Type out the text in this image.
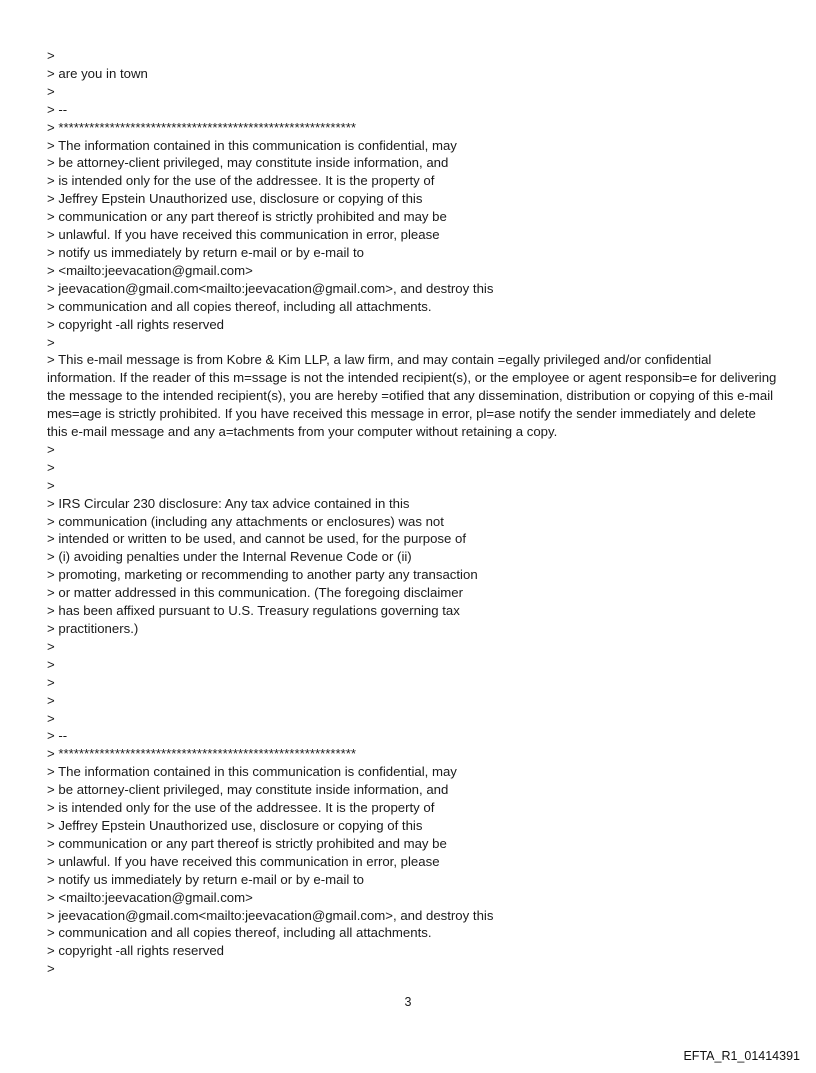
>
> are you in town
>
> --
> **********************************************************
> The information contained in this communication is confidential, may
> be attorney-client privileged, may constitute inside information, and
> is intended only for the use of the addressee. It is the property of
> Jeffrey Epstein Unauthorized use, disclosure or copying of this
> communication or any part thereof is strictly prohibited and may be
> unlawful. If you have received this communication in error, please
> notify us immediately by return e-mail or by e-mail to
> <mailto:jeevacation@gmail.com>
> jeevacation@gmail.com<mailto:jeevacation@gmail.com>, and destroy this
> communication and all copies thereof, including all attachments.
> copyright -all rights reserved
>
> This e-mail message is from Kobre & Kim LLP, a law firm, and may contain =egally privileged and/or confidential information. If the reader of this m=ssage is not the intended recipient(s), or the employee or agent responsib=e for delivering the message to the intended recipient(s), you are hereby =otified that any dissemination, distribution or copying of this e-mail mes=age is strictly prohibited. If you have received this message in error, pl=ase notify the sender immediately and delete this e-mail message and any a=tachments from your computer without retaining a copy.
>
>
>
> IRS Circular 230 disclosure: Any tax advice contained in this
> communication (including any attachments or enclosures) was not
> intended or written to be used, and cannot be used, for the purpose of
> (i) avoiding penalties under the Internal Revenue Code or (ii)
> promoting, marketing or recommending to another party any transaction
> or matter addressed in this communication. (The foregoing disclaimer
> has been affixed pursuant to U.S. Treasury regulations governing tax
> practitioners.)
>
>
>
>
>
> --
> **********************************************************
> The information contained in this communication is confidential, may
> be attorney-client privileged, may constitute inside information, and
> is intended only for the use of the addressee. It is the property of
> Jeffrey Epstein Unauthorized use, disclosure or copying of this
> communication or any part thereof is strictly prohibited and may be
> unlawful. If you have received this communication in error, please
> notify us immediately by return e-mail or by e-mail to
> <mailto:jeevacation@gmail.com>
> jeevacation@gmail.com<mailto:jeevacation@gmail.com>, and destroy this
> communication and all copies thereof, including all attachments.
> copyright -all rights reserved
>
3
EFTA_R1_01414391
